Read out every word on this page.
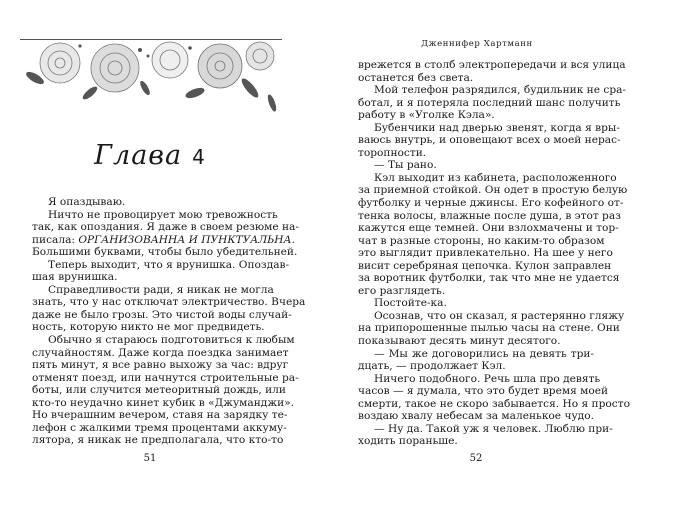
Глава 4
Я опаздываю.
Ничто не провоцирует мою тревожность
так, как опоздания. Я даже в своем резюме на-
писала: ОРГАНИЗОВАННА И ПУНКТУАЛЬНА.
Большими буквами, чтобы было убедительней.
Теперь выходит, что я врунишка. Опоздав-
шая врунишка.
Справедливости ради, я никак не могла
знать, что у нас отключат электричество. Вчера
даже не было грозы. Это чистой воды случай-
ность, которую никто не мог предвидеть.
Обычно я стараюсь подготовиться к любым
случайностям. Даже когда поездка занимает
пять минут, я все равно выхожу за час: вдруг
отменят поезд, или начнутся строительные ра-
боты, или случится метеоритный дождь, или
кто-то неудачно кинет кубик в «Джуманджи».
Но вчерашним вечером, ставя на зарядку те-
лефон с жалкими тремя процентами аккуму-
лятора, я никак не предполагала, что кто-то
51
Дженнифер Хартманн
врежется в столб электропередачи и вся улица
останется без света.
Мой телефон разрядился, будильник не сра-
ботал, и я потеряла последний шанс получить
работу в «Уголке Кэла».
Бубенчики над дверью звенят, когда я вры-
ваюсь внутрь, и оповещают всех о моей нерас-
торопности.
— Ты рано.
Кэл выходит из кабинета, расположенного
за приемной стойкой. Он одет в простую белую
футболку и черные джинсы. Его кофейного от-
тенка волосы, влажные после душа, в этот раз
кажутся еще темней. Они взлохмачены и тор-
чат в разные стороны, но каким-то образом
это выглядит привлекательно. На шее у него
висит серебряная цепочка. Кулон заправлен
за воротник футболки, так что мне не удается
его разглядеть.
Постойте-ка.
Осознав, что он сказал, я растерянно гляжу
на припорошенные пылью часы на стене. Они
показывают десять минут десятого.
— Мы же договорились на девять три-
дцать, — продолжает Кэл.
Ничего подобного. Речь шла про девять
часов — я думала, что это будет время моей
смерти, такое не скоро забывается. Но я просто
воздаю хвалу небесам за маленькое чудо.
— Ну да. Такой уж я человек. Люблю при-
ходить пораньше.
52
